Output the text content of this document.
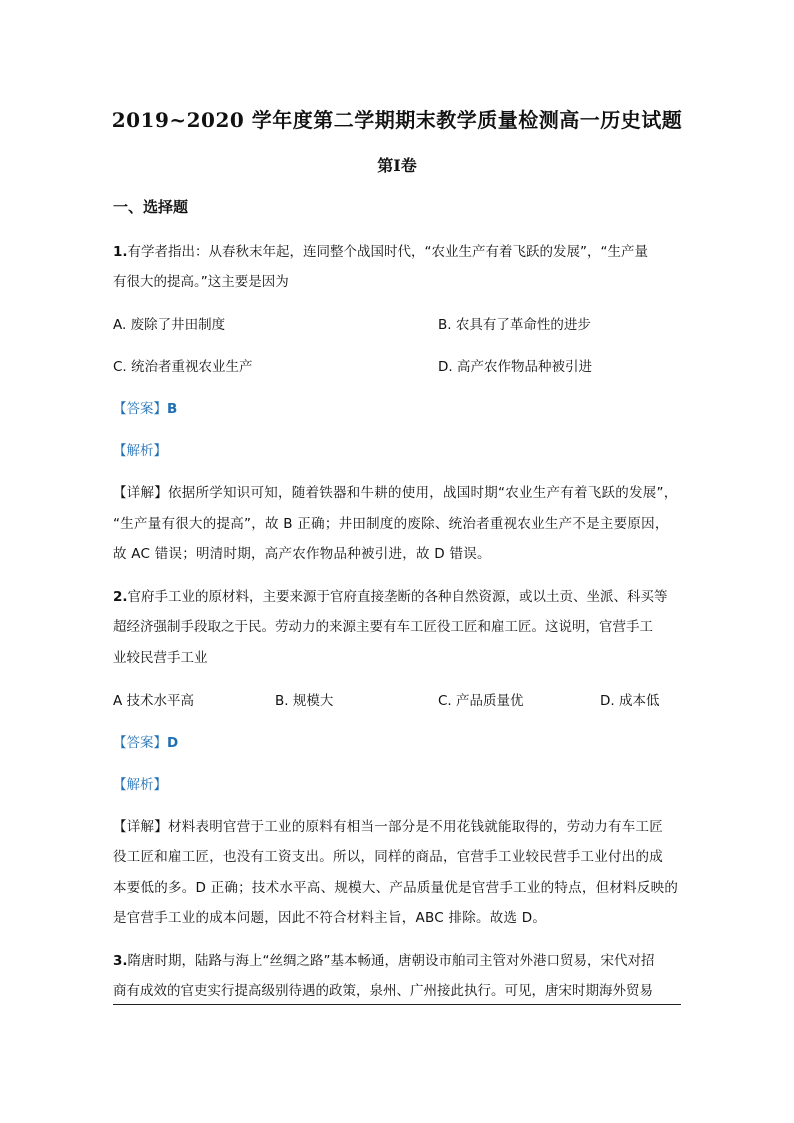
2019~2020 学年度第二学期期末教学质量检测高一历史试题
第Ⅰ卷
一、选择题
1.有学者指出：从春秋末年起，连同整个战国时代，“农业生产有着飞跃的发展”，“生产量
有很大的提高。”这主要是因为
A. 废除了井田制度	B. 农具有了革命性的进步
C. 统治者重视农业生产	D. 高产农作物品种被引进
【答案】B
【解析】
【详解】依据所学知识可知，随着铁器和牛耕的使用，战国时期“农业生产有着飞跃的发展”，
“生产量有很大的提高”，故 B 正确；井田制度的废除、统治者重视农业生产不是主要原因，
故 AC 错误；明清时期，高产农作物品种被引进，故 D 错误。
2.官府手工业的原材料，主要来源于官府直接垄断的各种自然资源，或以土贡、坐派、科买等
超经济强制手段取之于民。劳动力的来源主要有车工匠役工匠和雇工匠。这说明，官营手工
业较民营手工业
A 技术水平高	B. 规模大	C. 产品质量优	D. 成本低
【答案】D
【解析】
【详解】材料表明官营于工业的原料有相当一部分是不用花钱就能取得的，劳动力有车工匠
役工匠和雇工匠，也没有工资支出。所以，同样的商品，官营手工业较民营手工业付出的成
本要低的多。D 正确；技术水平高、规模大、产品质量优是官营手工业的特点，但材料反映的
是官营手工业的成本问题，因此不符合材料主旨，ABC 排除。故选 D。
3.隋唐时期，陆路与海上“丝绸之路”基本畅通，唐朝设市舶司主管对外港口贸易，宋代对招
商有成效的官吏实行提高级别待遇的政策，泉州、广州接此执行。可见，唐宋时期海外贸易
